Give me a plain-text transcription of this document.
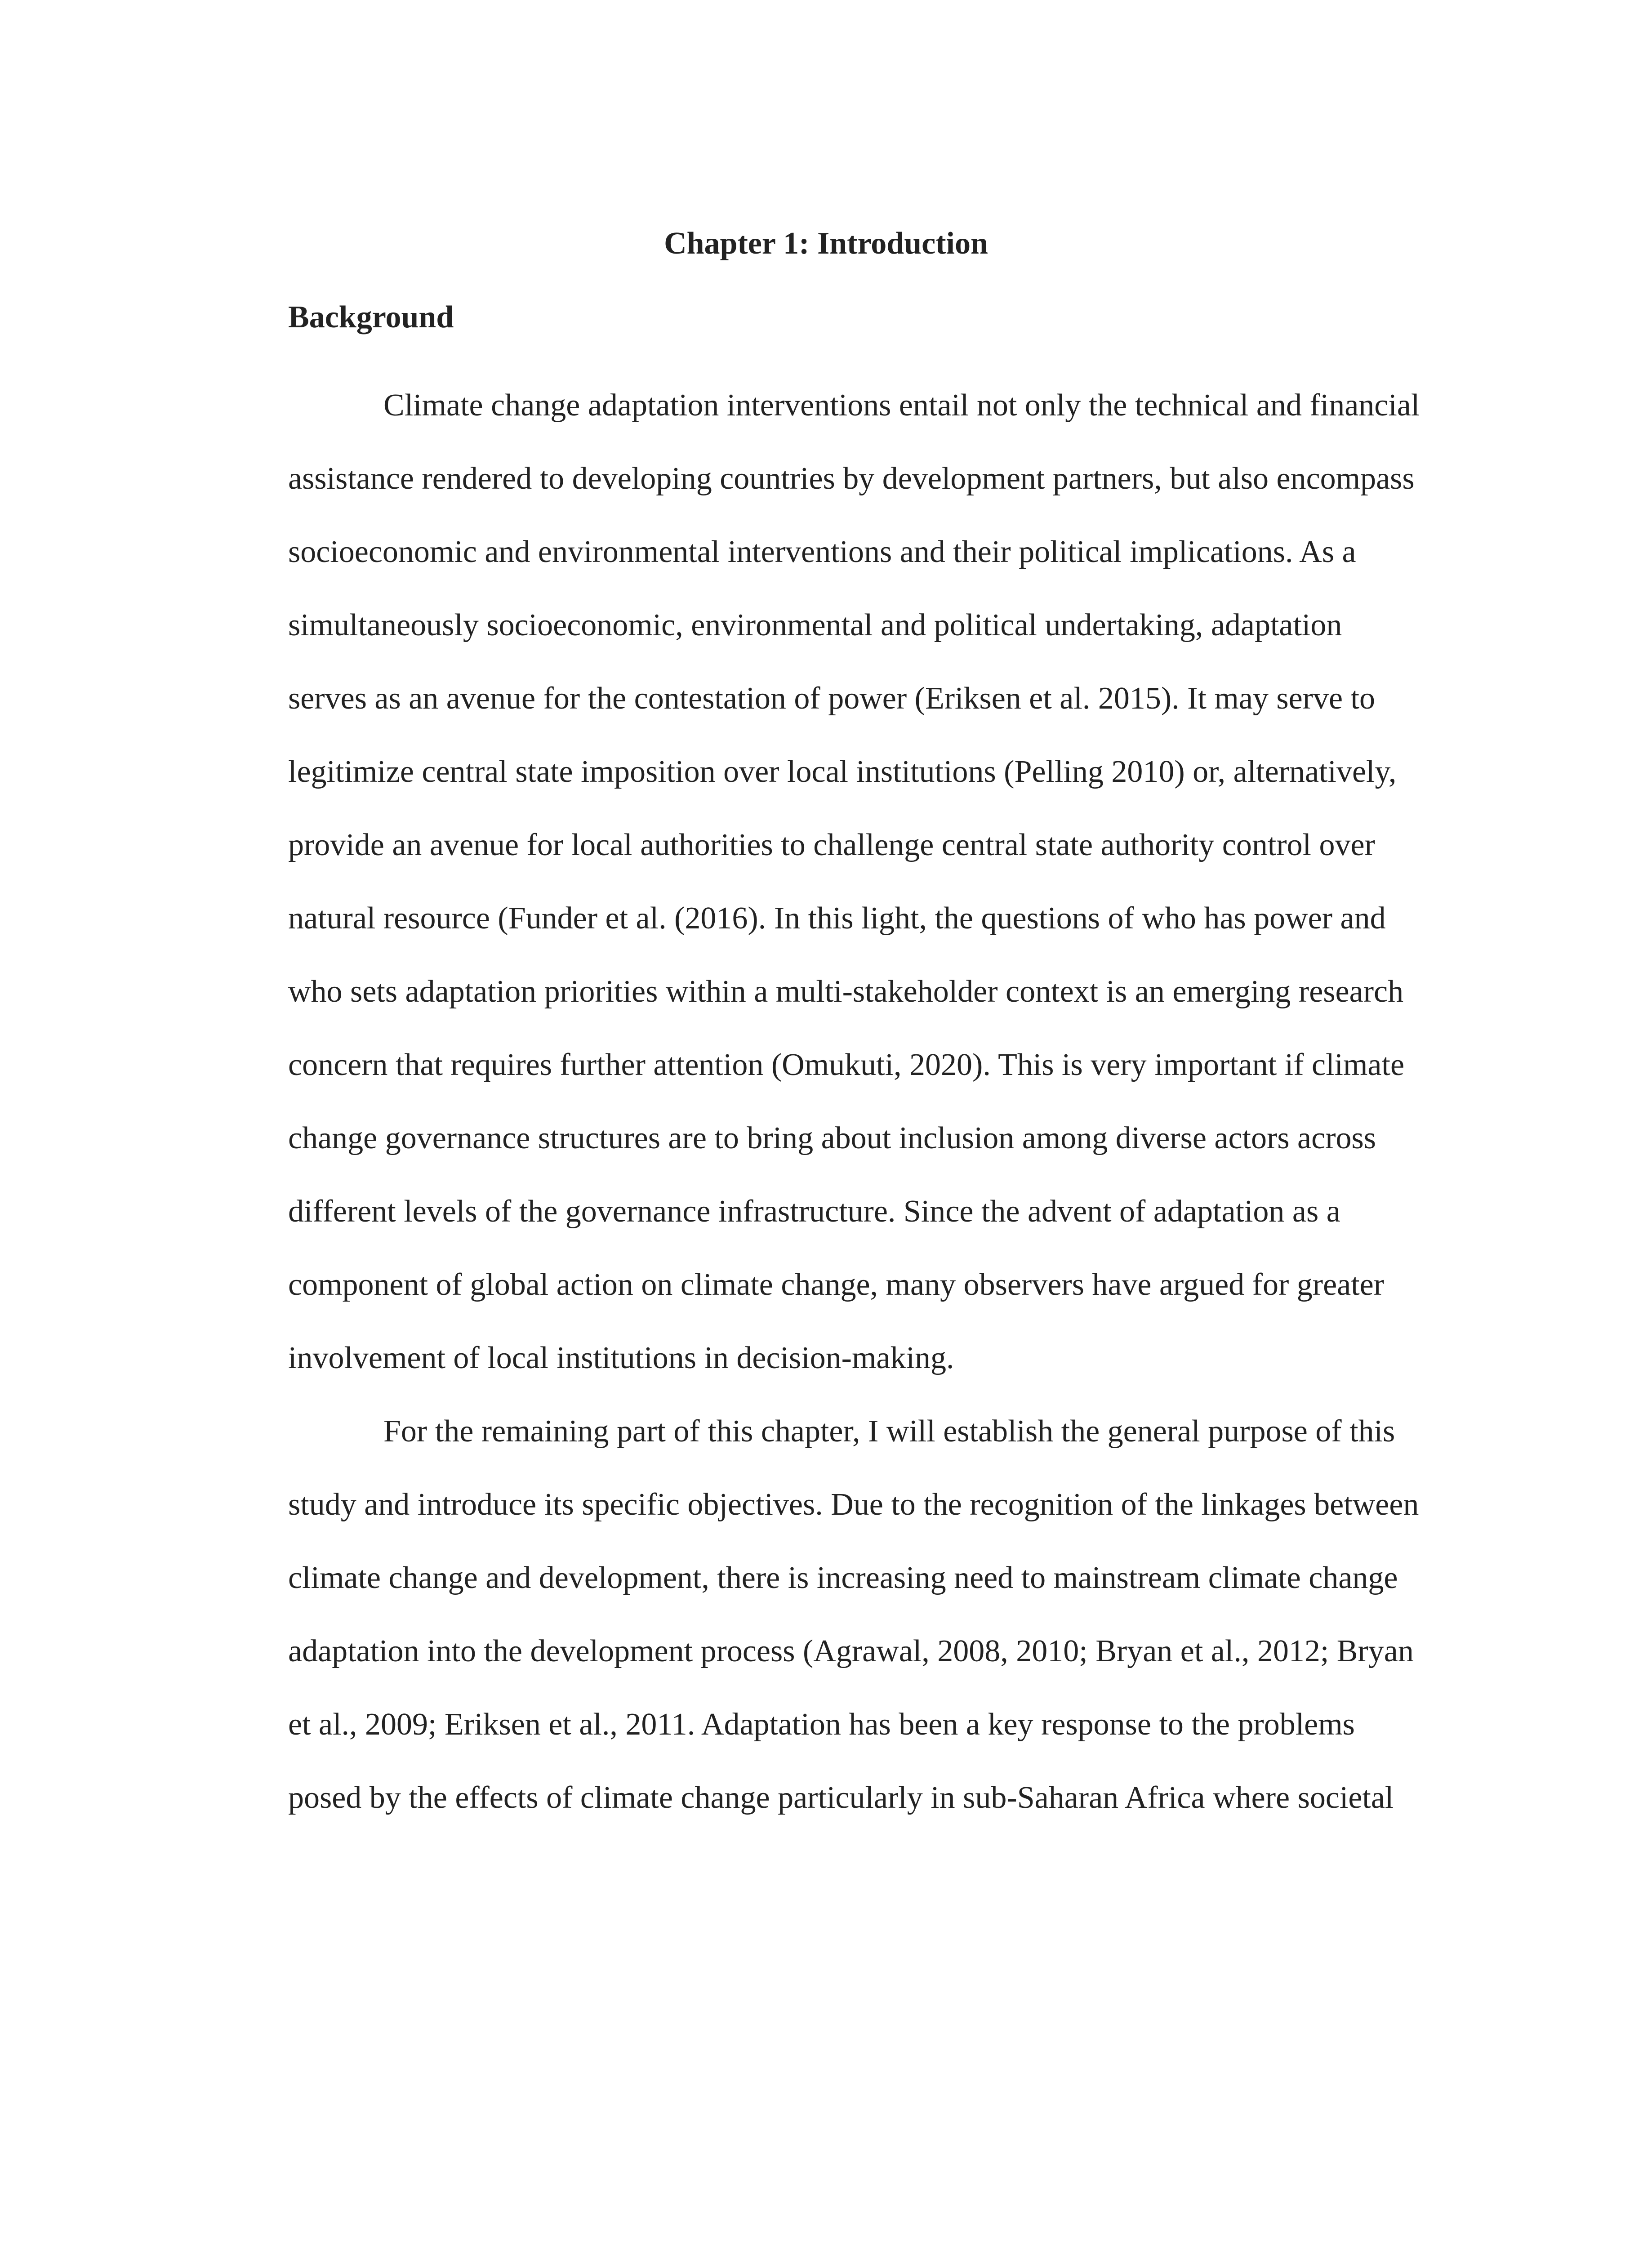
Chapter 1: Introduction
Background
Climate change adaptation interventions entail not only the technical and financial
assistance rendered to developing countries by development partners, but also encompass
socioeconomic and environmental interventions and their political implications. As a
simultaneously socioeconomic, environmental and political undertaking, adaptation
serves as an avenue for the contestation of power (Eriksen et al. 2015). It may serve to
legitimize central state imposition over local institutions (Pelling 2010) or, alternatively,
provide an avenue for local authorities to challenge central state authority control over
natural resource (Funder et al. (2016). In this light, the questions of who has power and
who sets adaptation priorities within a multi-stakeholder context is an emerging research
concern that requires further attention (Omukuti, 2020). This is very important if climate
change governance structures are to bring about inclusion among diverse actors across
different levels of the governance infrastructure. Since the advent of adaptation as a
component of global action on climate change, many observers have argued for greater
involvement of local institutions in decision-making.
For the remaining part of this chapter, I will establish the general purpose of this
study and introduce its specific objectives. Due to the recognition of the linkages between
climate change and development, there is increasing need to mainstream climate change
adaptation into the development process (Agrawal, 2008, 2010; Bryan et al., 2012; Bryan
et al., 2009; Eriksen et al., 2011. Adaptation has been a key response to the problems
posed by the effects of climate change particularly in sub-Saharan Africa where societal
